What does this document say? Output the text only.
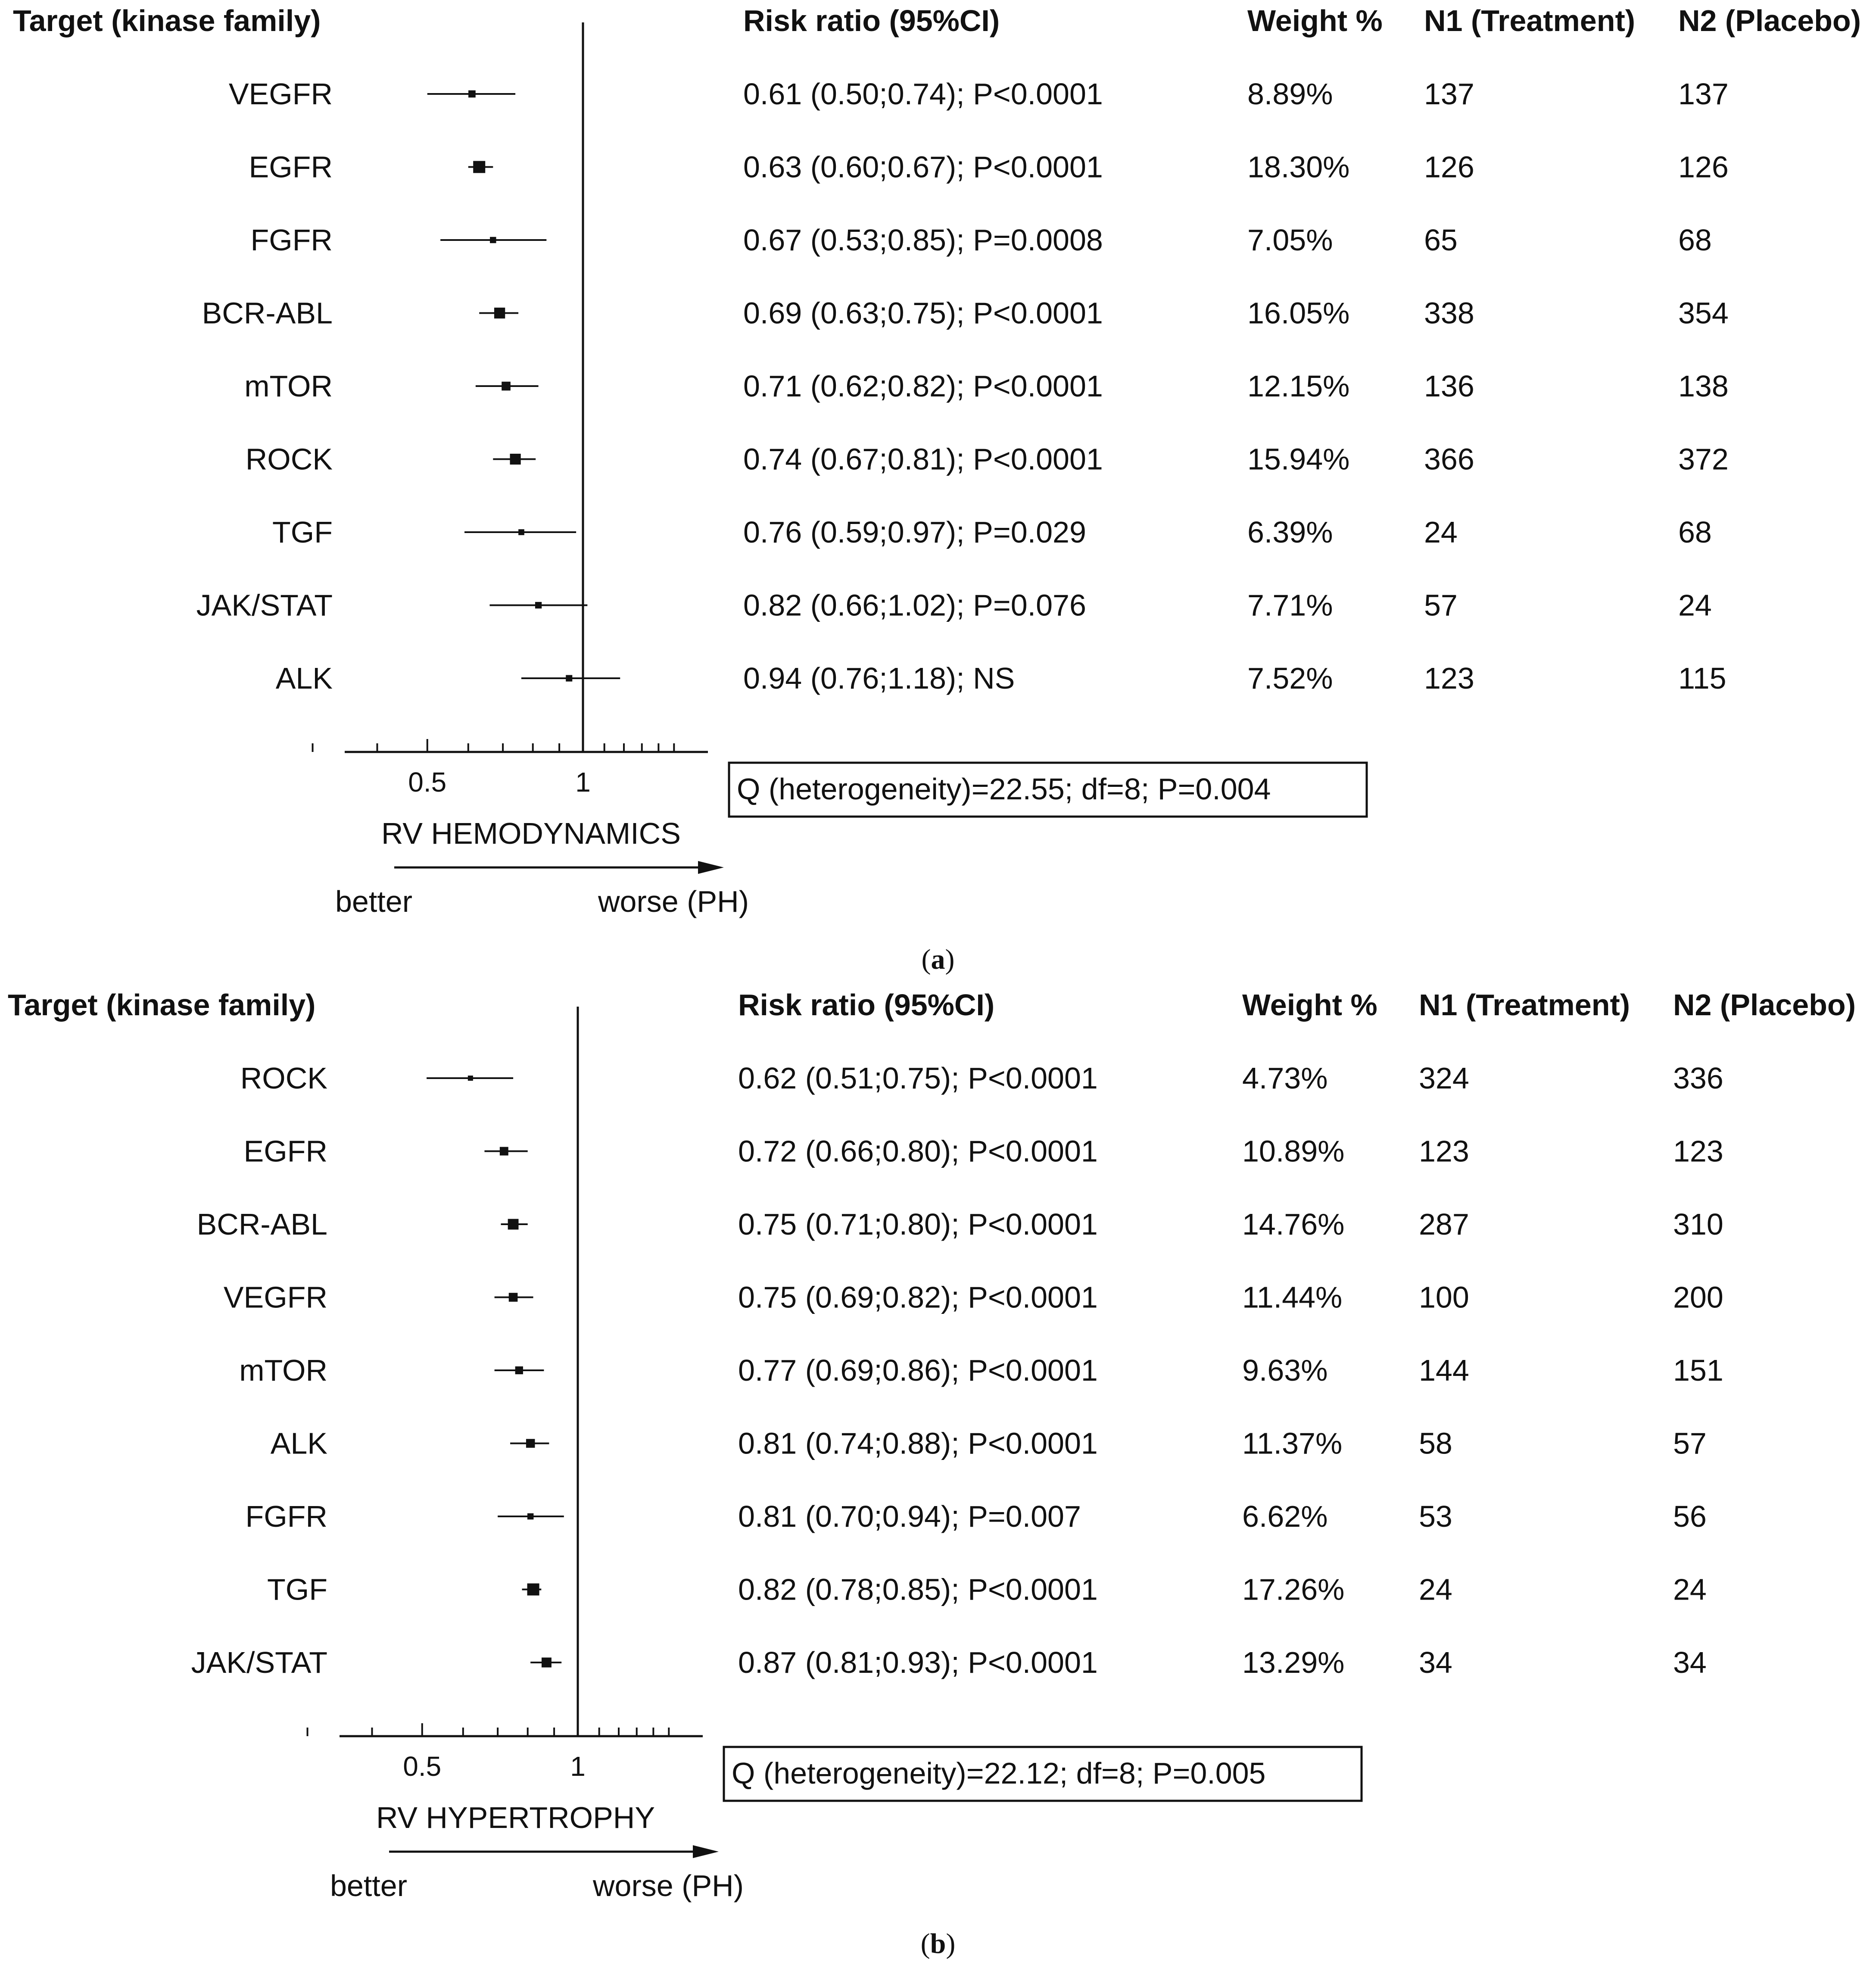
Target (kinase family)	Risk ratio (95%CI)	Weight % N1 (Treatment) N2 (Placebo)
0.5	1
VEGFR	0.61 (0.50;0.74); P<0.0001	8.89%	137	137
EGFR	0.63 (0.60;0.67); P<0.0001	18.30% 126	126
FGFR	0.67 (0.53;0.85); P=0.0008	7.05%	65	68
BCR-ABL	0.69 (0.63;0.75); P<0.0001	16.05% 338	354
mTOR	0.71 (0.62;0.82); P<0.0001	12.15% 136	138
ROCK	0.74 (0.67;0.81); P<0.0001	15.94% 366	372
TGF	0.76 (0.59;0.97); P=0.029	6.39%	24	68
JAK/STAT	0.82 (0.66;1.02); P=0.076	7.71%	57	24
ALK	0.94 (0.76;1.18); NS	7.52%	123	115
Q (heterogeneity)=22.55; df=8; P=0.004
RV HEMODYNAMICS
better	worse (PH)
(a)
Target (kinase family)	Risk ratio (95%CI)	Weight % N1 (Treatment) N2 (Placebo)
0.5	1
ROCK	0.62 (0.51;0.75); P<0.0001	4.73%	324	336
EGFR	0.72 (0.66;0.80); P<0.0001	10.89% 123	123
BCR-ABL	0.75 (0.71;0.80); P<0.0001	14.76% 287	310
VEGFR	0.75 (0.69;0.82); P<0.0001	11.44%	100	200
mTOR	0.77 (0.69;0.86); P<0.0001	9.63%	144	151
ALK	0.81 (0.74;0.88); P<0.0001	11.37%	58	57
FGFR	0.81 (0.70;0.94); P=0.007	6.62%	53	56
TGF	0.82 (0.78;0.85); P<0.0001	17.26% 24	24
JAK/STAT	0.87 (0.81;0.93); P<0.0001	13.29% 34	34
Q (heterogeneity)=22.12; df=8; P=0.005
RV HYPERTROPHY
better	worse (PH)
(b)
